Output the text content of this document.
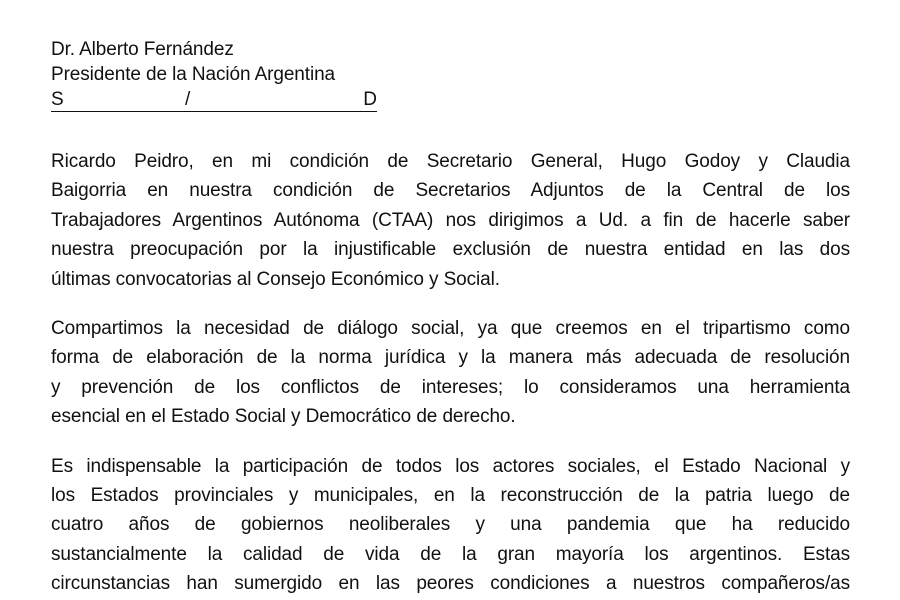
Dr. Alberto Fernández
Presidente de la Nación Argentina
S	/	D

Ricardo Peidro, en mi condición de Secretario General, Hugo Godoy y Claudia
Baigorria en nuestra condición de Secretarios Adjuntos de la Central de los
Trabajadores Argentinos Autónoma (CTAA) nos dirigimos a Ud. a fin de hacerle saber
nuestra preocupación por la injustificable exclusión de nuestra entidad en las dos
últimas convocatorias al Consejo Económico y Social.

Compartimos la necesidad de diálogo social, ya que creemos en el tripartismo como
forma de elaboración de la norma jurídica y la manera más adecuada de resolución
y prevención de los conflictos de intereses; lo consideramos una herramienta
esencial en el Estado Social y Democrático de derecho.

Es indispensable la participación de todos los actores sociales, el Estado Nacional y
los Estados provinciales y municipales, en la reconstrucción de la patria luego de
cuatro años de gobiernos neoliberales y una pandemia que ha reducido
sustancialmente la calidad de vida de la gran mayoría los argentinos. Estas
circunstancias han sumergido en las peores condiciones a nuestros compañeros/as
